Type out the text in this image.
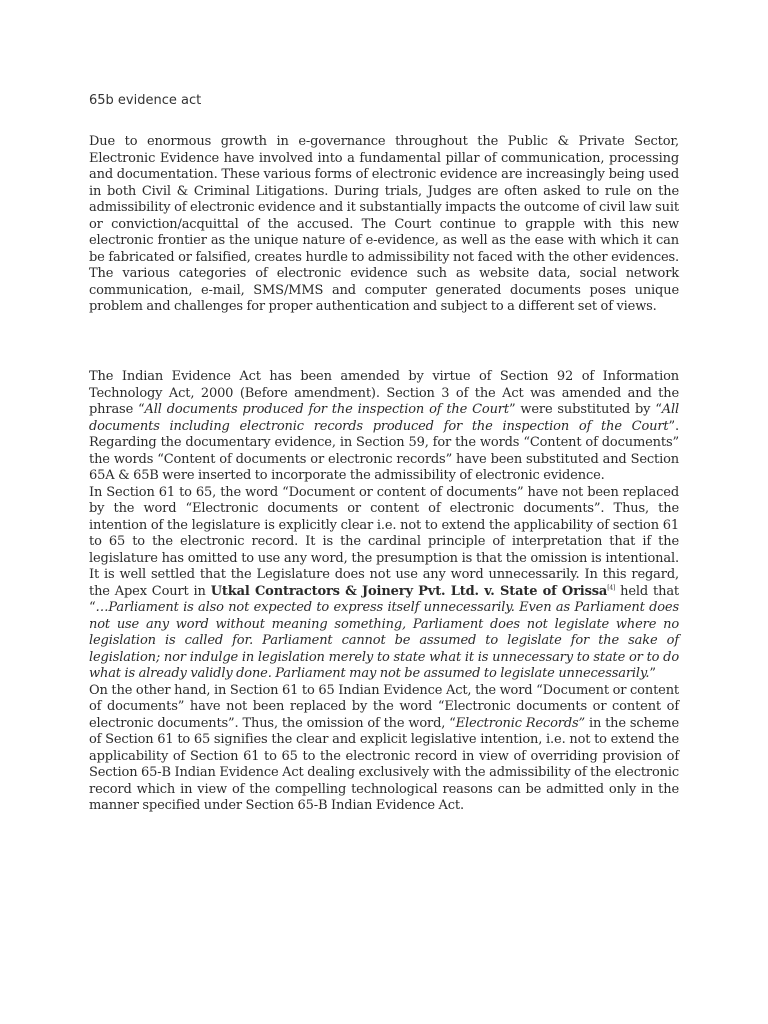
65b evidence act

Due to enormous growth in e-governance throughout the Public & Private Sector, Electronic Evidence have involved into a fundamental pillar of communication, processing and documentation. These various forms of electronic evidence are increasingly being used in both Civil & Criminal Litigations. During trials, Judges are often asked to rule on the admissibility of electronic evidence and it substantially impacts the outcome of civil law suit or conviction/acquittal of the accused. The Court continue to grapple with this new electronic frontier as the unique nature of e-evidence, as well as the ease with which it can be fabricated or falsified, creates hurdle to admissibility not faced with the other evidences. The various categories of electronic evidence such as website data, social network communication, e-mail, SMS/MMS and computer generated documents poses unique problem and challenges for proper authentication and subject to a different set of views.

The Indian Evidence Act has been amended by virtue of Section 92 of Information Technology Act, 2000 (Before amendment). Section 3 of the Act was amended and the phrase “All documents produced for the inspection of the Court” were substituted by “All documents including electronic records produced for the inspection of the Court”. Regarding the documentary evidence, in Section 59, for the words “Content of documents” the words “Content of documents or electronic records” have been substituted and Section 65A & 65B were inserted to incorporate the admissibility of electronic evidence.
In Section 61 to 65, the word “Document or content of documents” have not been replaced by the word “Electronic documents or content of electronic documents”. Thus, the intention of the legislature is explicitly clear i.e. not to extend the applicability of section 61 to 65 to the electronic record. It is the cardinal principle of interpretation that if the legislature has omitted to use any word, the presumption is that the omission is intentional. It is well settled that the Legislature does not use any word unnecessarily. In this regard, the Apex Court in Utkal Contractors & Joinery Pvt. Ltd. v. State of Orissa[4] held that “…Parliament is also not expected to express itself unnecessarily. Even as Parliament does not use any word without meaning something, Parliament does not legislate where no legislation is called for. Parliament cannot be assumed to legislate for the sake of legislation; nor indulge in legislation merely to state what it is unnecessary to state or to do what is already validly done. Parliament may not be assumed to legislate unnecessarily.”
On the other hand, in Section 61 to 65 Indian Evidence Act, the word “Document or content of documents” have not been replaced by the word “Electronic documents or content of electronic documents”. Thus, the omission of the word, “Electronic Records” in the scheme of Section 61 to 65 signifies the clear and explicit legislative intention, i.e. not to extend the applicability of Section 61 to 65 to the electronic record in view of overriding provision of Section 65-B Indian Evidence Act dealing exclusively with the admissibility of the electronic record which in view of the compelling technological reasons can be admitted only in the manner specified under Section 65-B Indian Evidence Act.
